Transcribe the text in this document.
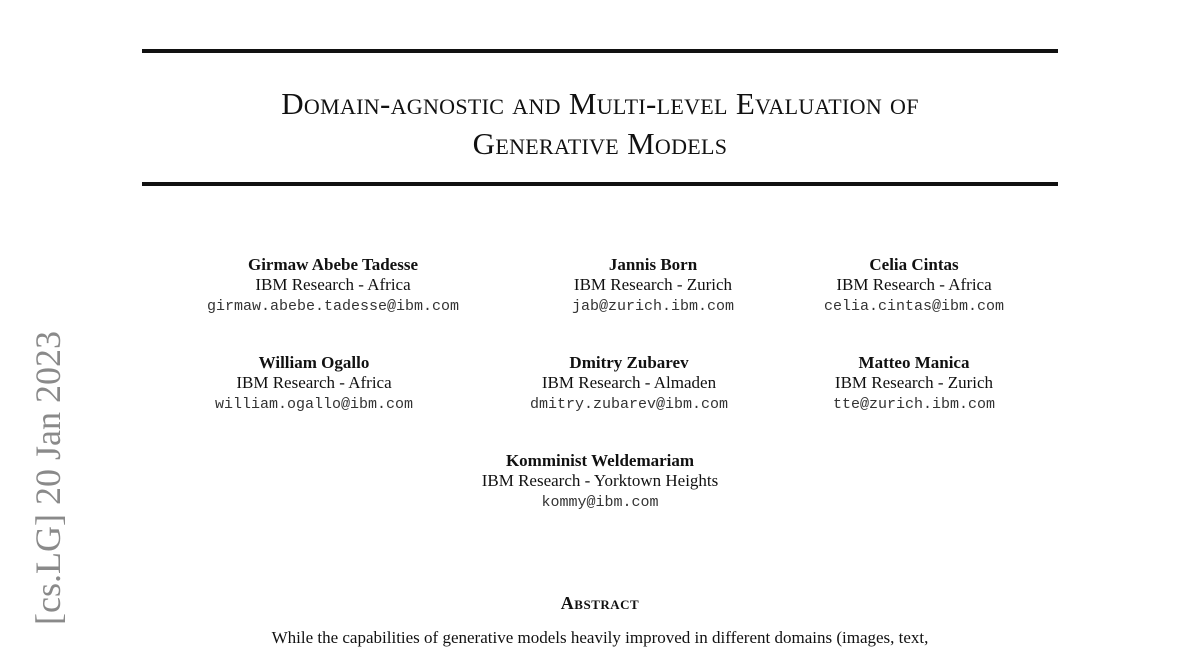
Domain-agnostic and Multi-level Evaluation of
Generative Models
[cs.LG] 20 Jan 2023
Girmaw Abebe Tadesse
IBM Research - Africa
girmaw.abebe.tadesse@ibm.com
Jannis Born
IBM Research - Zurich
jab@zurich.ibm.com
Celia Cintas
IBM Research - Africa
celia.cintas@ibm.com
William Ogallo
IBM Research - Africa
william.ogallo@ibm.com
Dmitry Zubarev
IBM Research - Almaden
dmitry.zubarev@ibm.com
Matteo Manica
IBM Research - Zurich
tte@zurich.ibm.com
Komminist Weldemariam
IBM Research - Yorktown Heights
kommy@ibm.com
Abstract

While the capabilities of generative models heavily improved in different domains (images, text,
